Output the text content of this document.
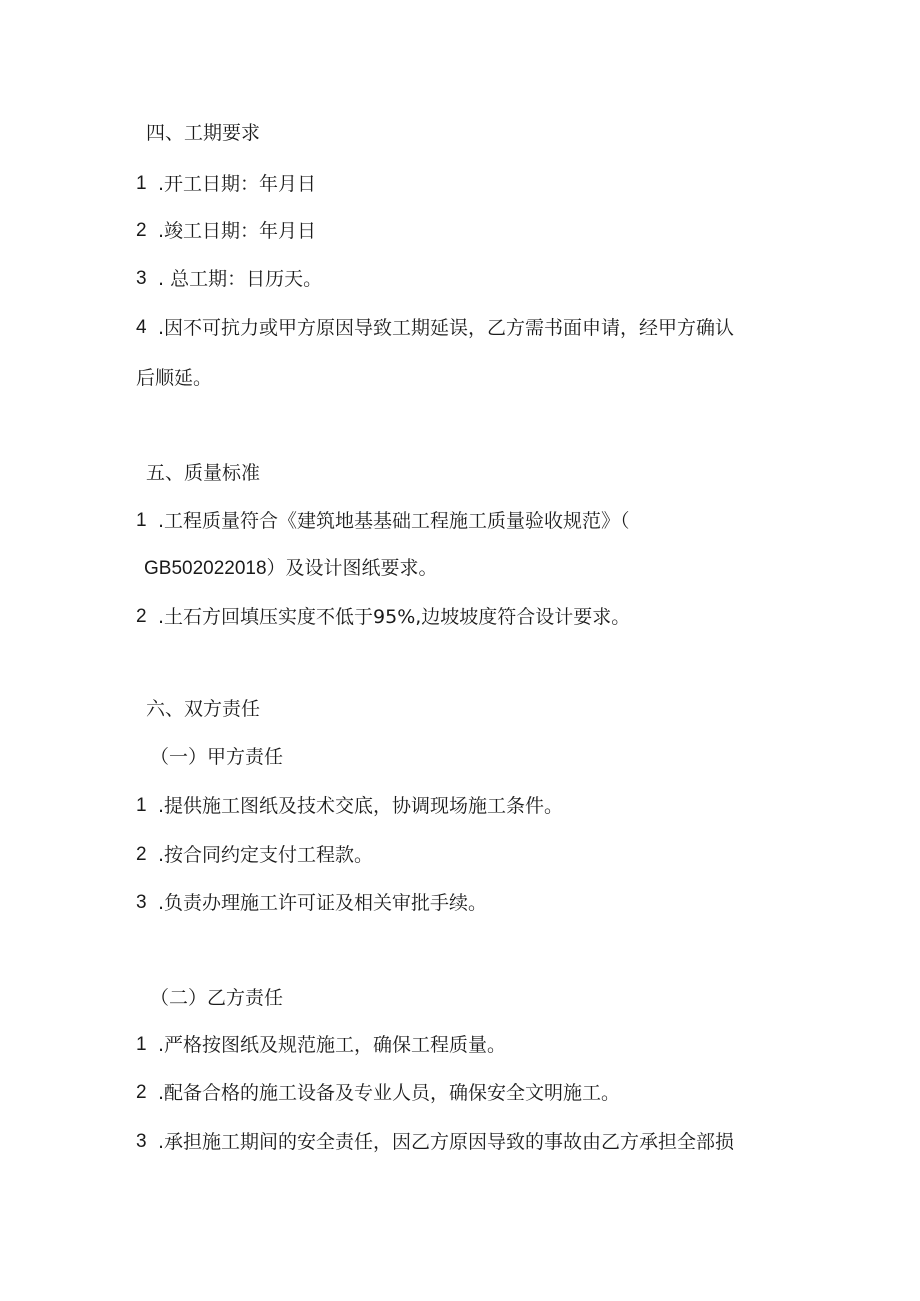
四、工期要求
1 .开工日期：年月日
2 .竣工日期：年月日
3 . 总工期：日历天。
4 .因不可抗力或甲方原因导致工期延误，乙方需书面申请，经甲方确认
后顺延。
五、质量标准
1 .工程质量符合《建筑地基基础工程施工质量验收规范》（
GB502022018）及设计图纸要求。
2 .土石方回填压实度不低于95%,边坡坡度符合设计要求。
六、双方责任
（一）甲方责任
1 .提供施工图纸及技术交底，协调现场施工条件。
2 .按合同约定支付工程款。
3 .负责办理施工许可证及相关审批手续。
（二）乙方责任
1 .严格按图纸及规范施工，确保工程质量。
2 .配备合格的施工设备及专业人员，确保安全文明施工。
3 .承担施工期间的安全责任，因乙方原因导致的事故由乙方承担全部损
